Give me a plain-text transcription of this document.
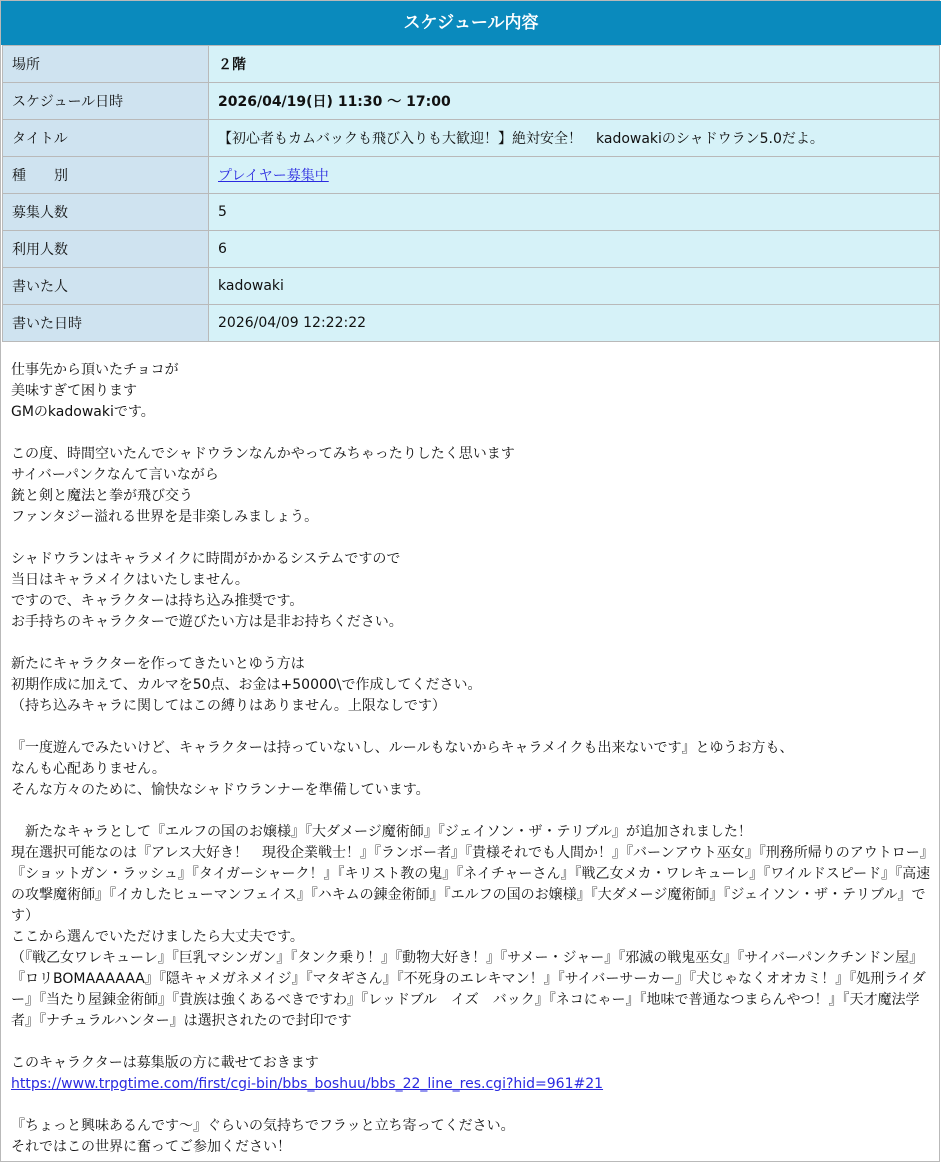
スケジュール内容
場所	２階
スケジュール日時	2026/04/19(日) 11:30 〜 17:00
タイトル	【初心者もカムバックも飛び入りも大歓迎！】絶対安全！　kadowakiのシャドウラン5.0だよ。
種　　別	プレイヤー募集中
募集人数	5
利用人数	6
書いた人	kadowaki
書いた日時	2026/04/09 12:22:22

仕事先から頂いたチョコが

美味すぎて困ります

GMのkadowakiです。

この度、時間空いたんでシャドウランなんかやってみちゃったりしたく思います

サイバーパンクなんて言いながら

銃と剣と魔法と拳が飛び交う

ファンタジー溢れる世界を是非楽しみましょう。

シャドウランはキャラメイクに時間がかかるシステムですので

当日はキャラメイクはいたしません。

ですので、キャラクターは持ち込み推奨です。

お手持ちのキャラクターで遊びたい方は是非お持ちください。

新たにキャラクターを作ってきたいとゆう方は

初期作成に加えて、カルマを50点、お金は+50000\で作成してください。

（持ち込みキャラに関してはこの縛りはありません。上限なしです）

『一度遊んでみたいけど、キャラクターは持っていないし、ルールもないからキャラメイクも出来ないです』とゆうお方も、

なんも心配ありません。

そんな方々のために、愉快なシャドウランナーを準備しています。

　新たなキャラとして『エルフの国のお嬢様』『大ダメージ魔術師』『ジェイソン・ザ・テリブル』が追加されました！

現在選択可能なのは『アレス大好き！　現役企業戦士！』『ランボー者』『貴様それでも人間か！』『バーンアウト巫女』『刑務所帰りのアウトロー』『ショットガン・ラッシュ』『タイガーシャーク！』『キリスト教の鬼』『ネイチャーさん』『戦乙女メカ・ワレキューレ』『ワイルドスピード』『高速の攻撃魔術師』『イカしたヒューマンフェイス』『ハキムの錬金術師』『エルフの国のお嬢様』『大ダメージ魔術師』『ジェイソン・ザ・テリブル』です）

ここから選んでいただけましたら大丈夫です。

（『戦乙女ワレキューレ』『巨乳マシンガン』『タンク乗り！』『動物大好き！』『サメー・ジャー』『邪滅の戦鬼巫女』『サイバーパンクチンドン屋』『ロリBOMAAAAAA』『隠キャメガネメイジ』『マタギさん』『不死身のエレキマン！』『サイバーサーカー』『犬じゃなくオオカミ！』『処刑ライダー』『当たり屋錬金術師』『貴族は強くあるべきですわ』『レッドブル　イズ　バック』『ネコにゃー』『地味で普通なつまらんやつ！』『天才魔法学者』『ナチュラルハンター』は選択されたので封印です

このキャラクターは募集版の方に載せておきます

https://www.trpgtime.com/first/cgi-bin/bbs_boshuu/bbs_22_line_res.cgi?hid=961#21

『ちょっと興味あるんです〜』ぐらいの気持ちでフラッと立ち寄ってください。

それではこの世界に奮ってご参加ください！
